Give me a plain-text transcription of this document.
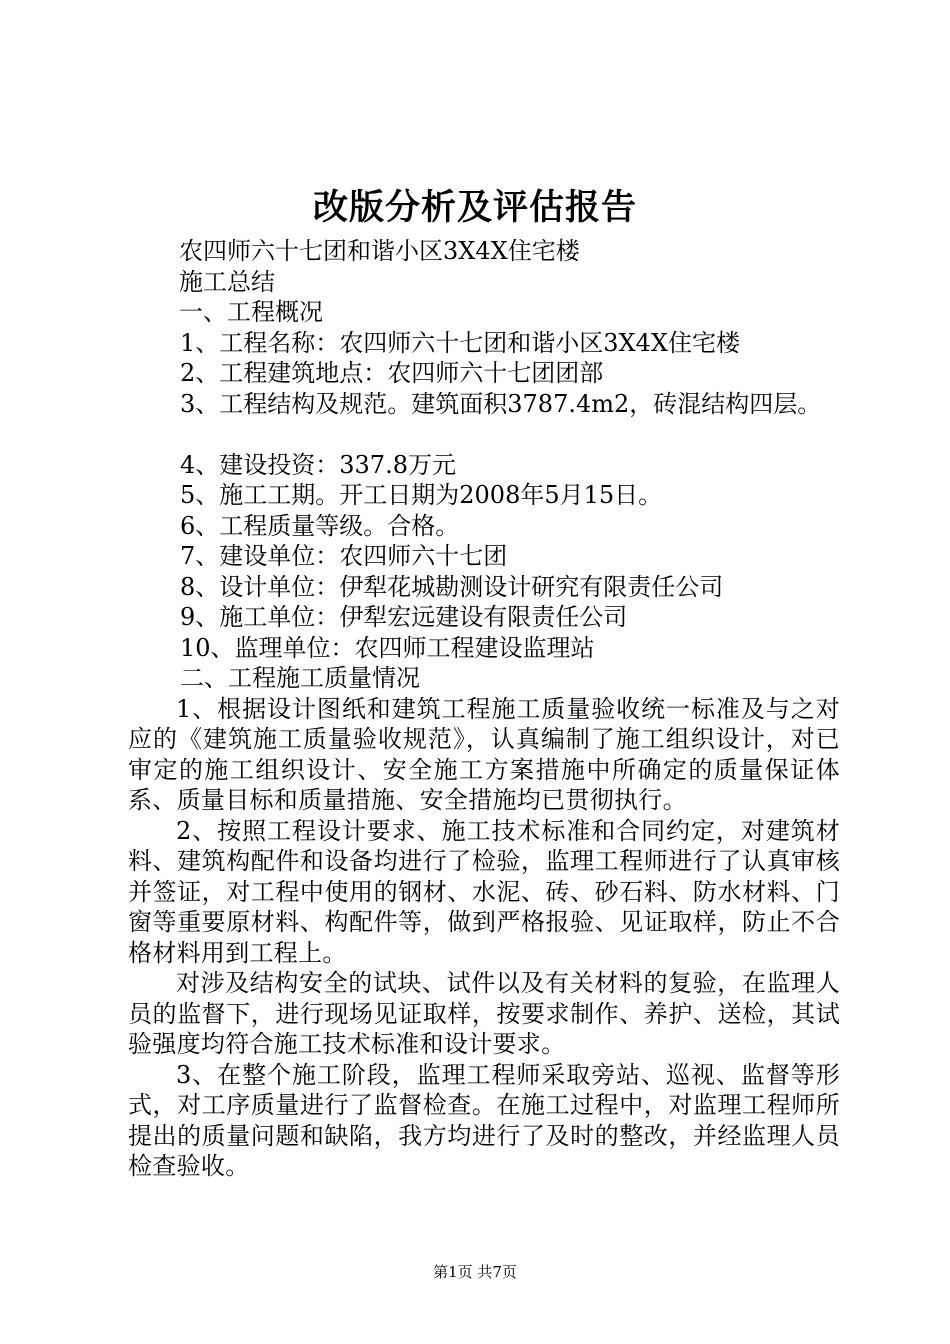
改版分析及评估报告
农四师六十七团和谐小区3X4X住宅楼
施工总结
一、工程概况
1、工程名称：农四师六十七团和谐小区3X4X住宅楼
2、工程建筑地点：农四师六十七团团部
3、工程结构及规范。建筑面积3787.4m2，砖混结构四层。
4、建设投资：337.8万元
5、施工工期。开工日期为2008年5月15日。
6、工程质量等级。合格。
7、建设单位：农四师六十七团
8、设计单位：伊犁花城勘测设计研究有限责任公司
9、施工单位：伊犁宏远建设有限责任公司
10、监理单位：农四师工程建设监理站
二、工程施工质量情况

1、根据设计图纸和建筑工程施工质量验收统一标准及与之对应的《建筑施工质量验收规范》，认真编制了施工组织设计，对已审定的施工组织设计、安全施工方案措施中所确定的质量保证体系、质量目标和质量措施、安全措施均已贯彻执行。

2、按照工程设计要求、施工技术标准和合同约定，对建筑材料、建筑构配件和设备均进行了检验，监理工程师进行了认真审核并签证，对工程中使用的钢材、水泥、砖、砂石料、防水材料、门窗等重要原材料、构配件等，做到严格报验、见证取样，防止不合格材料用到工程上。

对涉及结构安全的试块、试件以及有关材料的复验，在监理人员的监督下，进行现场见证取样，按要求制作、养护、送检，其试验强度均符合施工技术标准和设计要求。

3、在整个施工阶段，监理工程师采取旁站、巡视、监督等形式，对工序质量进行了监督检查。在施工过程中，对监理工程师所提出的质量问题和缺陷，我方均进行了及时的整改，并经监理人员检查验收。

第1页 共7页
